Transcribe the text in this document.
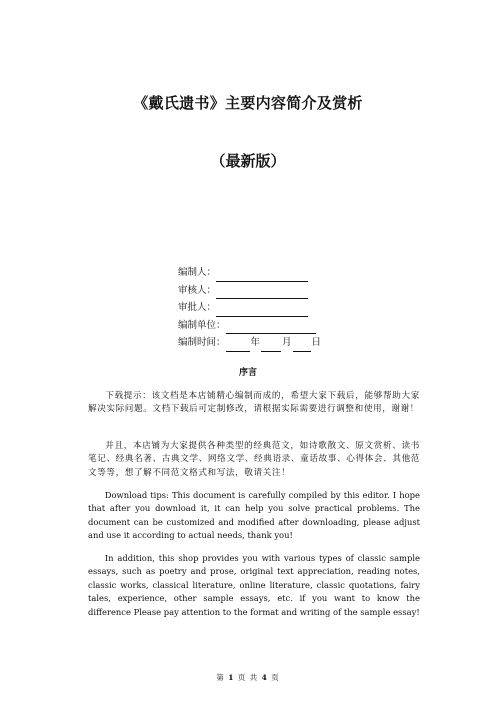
《戴氏遗书》主要内容简介及赏析
（最新版）
编制人：
审核人：
审批人：
编制单位：
编制时间：	年 月 日
序言

下载提示：该文档是本店铺精心编制而成的，希望大家下载后，能够帮助大家解决实际问题。文档下载后可定制修改，请根据实际需要进行调整和使用，谢谢！

并且，本店铺为大家提供各种类型的经典范文，如诗歌散文、原文赏析、读书笔记、经典名著、古典文学、网络文学、经典语录、童话故事、心得体会、其他范文等等，想了解不同范文格式和写法，敬请关注！

Download tips: This document is carefully compiled by this editor. I hope that after you download it, it can help you solve practical problems. The document can be customized and modified after downloading, please adjust and use it according to actual needs, thank you!

In addition, this shop provides you with various types of classic sample essays, such as poetry and prose, original text appreciation, reading notes, classic works, classical literature, online literature, classic quotations, fairy tales, experience, other sample essays, etc. if you want to know the difference Please pay attention to the format and writing of the sample essay!

第 1 页 共 4 页
